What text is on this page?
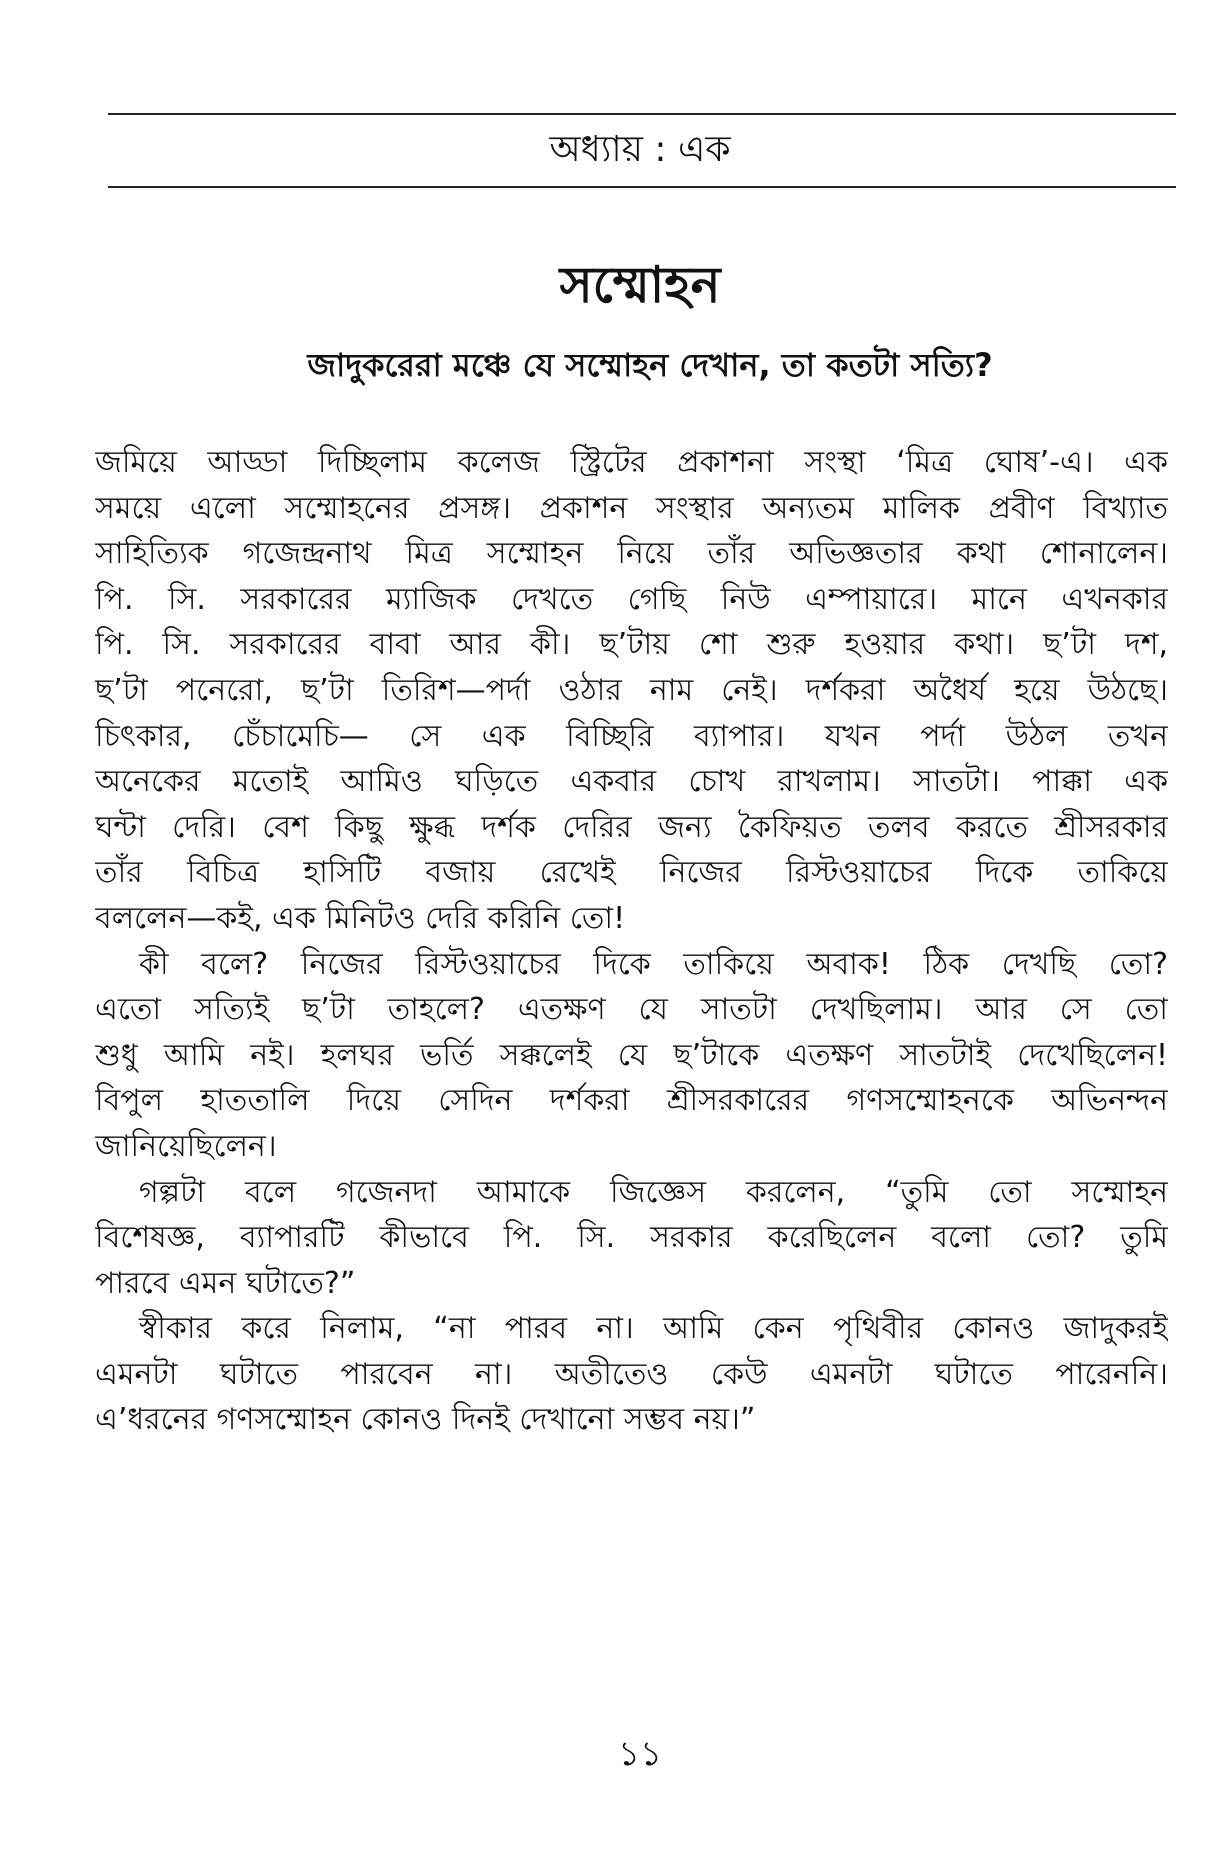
অধ্যায় : এক
সম্মোহন
জাদুকরেরা মঞ্চে যে সম্মোহন দেখান, তা কতটা সত্যি?
জমিয়ে আড্ডা দিচ্ছিলাম কলেজ স্ট্রিটের প্রকাশনা সংস্থা ‘মিত্র ঘোষ’-এ। এক
সময়ে এলো সম্মোহনের প্রসঙ্গ। প্রকাশন সংস্থার অন্যতম মালিক প্রবীণ বিখ্যাত
সাহিত্যিক গজেন্দ্রনাথ মিত্র সম্মোহন নিয়ে তাঁর অভিজ্ঞতার কথা শোনালেন।
পি. সি. সরকারের ম্যাজিক দেখতে গেছি নিউ এম্পায়ারে। মানে এখনকার
পি. সি. সরকারের বাবা আর কী। ছ’টায় শো শুরু হওয়ার কথা। ছ’টা দশ,
ছ’টা পনেরো, ছ’টা তিরিশ—পর্দা ওঠার নাম নেই। দর্শকরা অধৈর্য হয়ে উঠছে।
চিৎকার, চেঁচামেচি— সে এক বিচ্ছিরি ব্যাপার। যখন পর্দা উঠল তখন
অনেকের মতোই আমিও ঘড়িতে একবার চোখ রাখলাম। সাতটা। পাক্কা এক
ঘন্টা দেরি। বেশ কিছু ক্ষুব্ধ দর্শক দেরির জন্য কৈফিয়ত তলব করতে শ্রীসরকার
তাঁর বিচিত্র হাসিটি বজায় রেখেই নিজের রিস্টওয়াচের দিকে তাকিয়ে
বললেন—কই, এক মিনিটও দেরি করিনি তো!
কী বলে? নিজের রিস্টওয়াচের দিকে তাকিয়ে অবাক! ঠিক দেখছি তো?
এতো সত্যিই ছ’টা তাহলে? এতক্ষণ যে সাতটা দেখছিলাম। আর সে তো
শুধু আমি নই। হলঘর ভর্তি সক্কলেই যে ছ’টাকে এতক্ষণ সাতটাই দেখেছিলেন!
বিপুল হাততালি দিয়ে সেদিন দর্শকরা শ্রীসরকারের গণসম্মোহনকে অভিনন্দন
জানিয়েছিলেন।
গল্পটা বলে গজেনদা আমাকে জিজ্ঞেস করলেন, “তুমি তো সম্মোহন
বিশেষজ্ঞ, ব্যাপারটি কীভাবে পি. সি. সরকার করেছিলেন বলো তো? তুমি
পারবে এমন ঘটাতে?”
স্বীকার করে নিলাম, “না পারব না। আমি কেন পৃথিবীর কোনও জাদুকরই
এমনটা ঘটাতে পারবেন না। অতীতেও কেউ এমনটা ঘটাতে পারেননি।
এ’ধরনের গণসম্মোহন কোনও দিনই দেখানো সম্ভব নয়।”
১১
